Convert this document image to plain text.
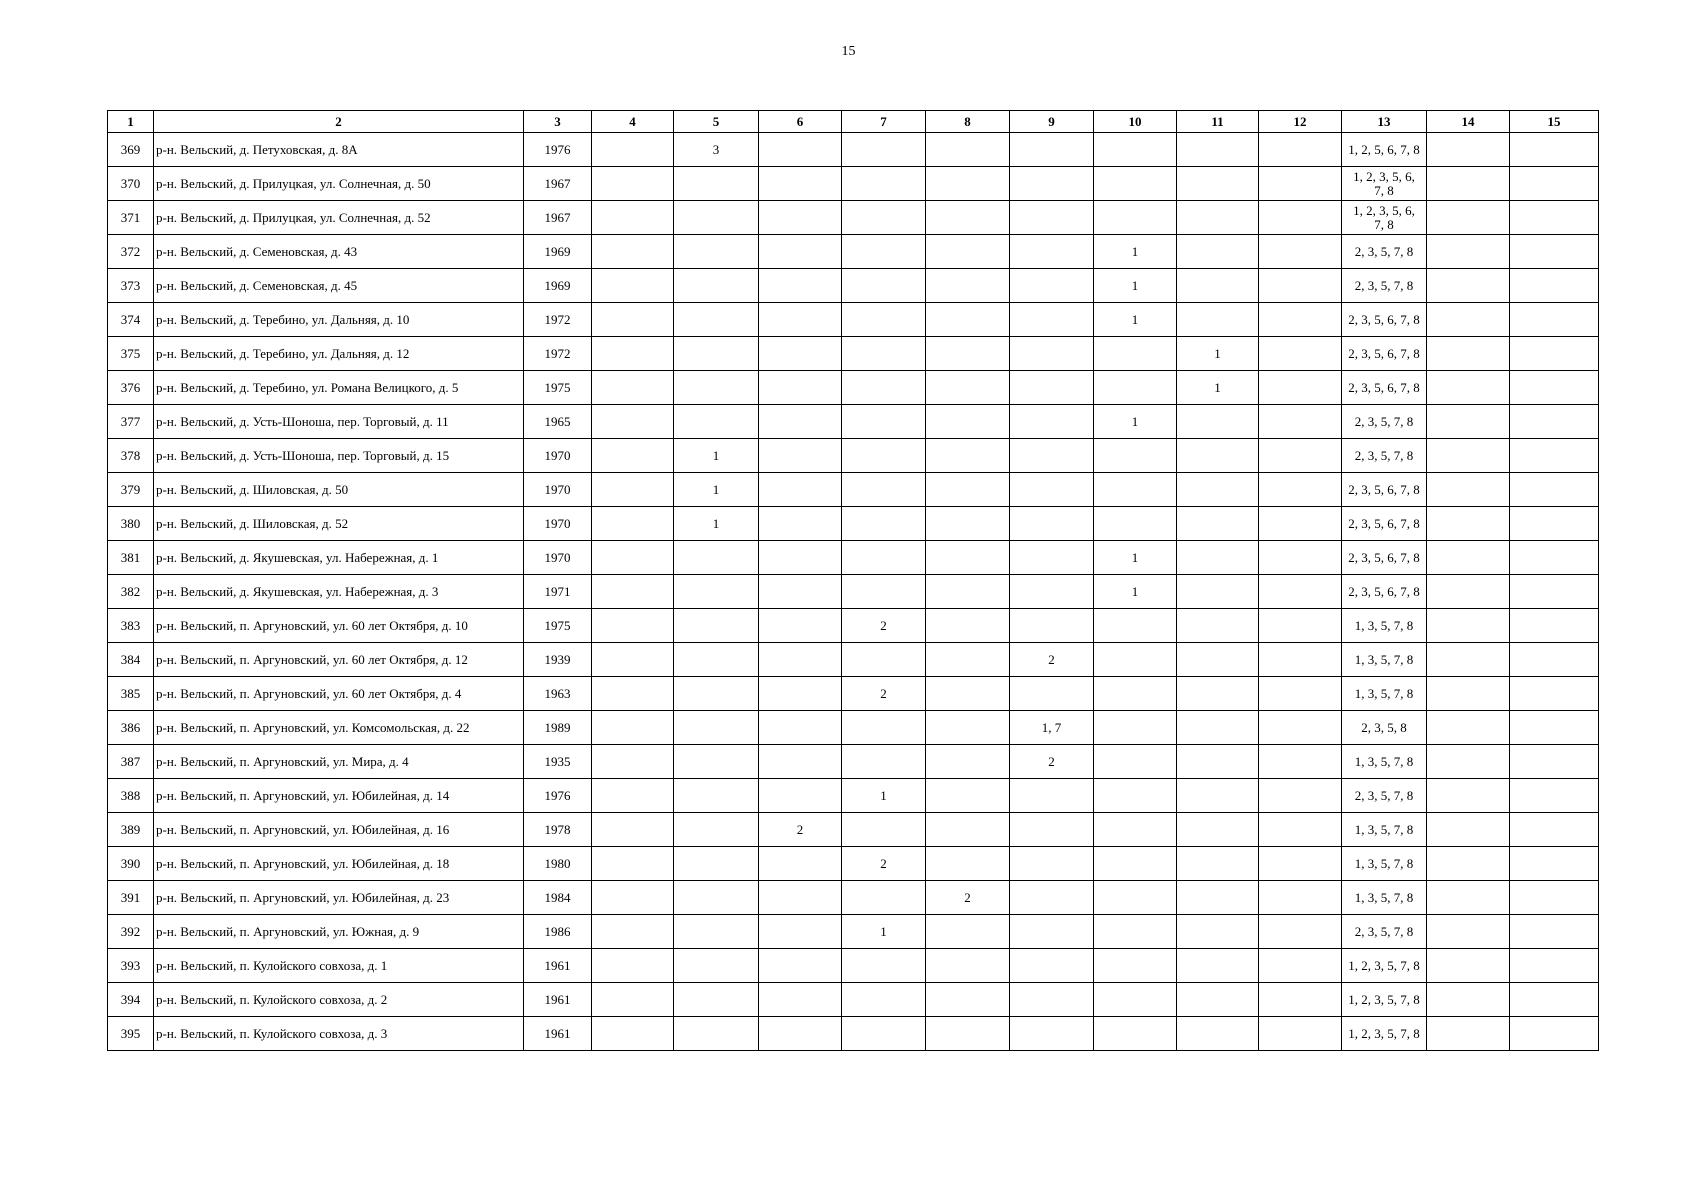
15
1	2	3	4	5	6	7	8	9	10	11	12	13	14	15
369	р-н. Вельский, д. Петуховская, д. 8А	1976		3								1, 2, 5, 6, 7, 8		
370	р-н. Вельский, д. Прилуцкая, ул. Солнечная, д. 50	1967										1, 2, 3, 5, 6, 7, 8		
371	р-н. Вельский, д. Прилуцкая, ул. Солнечная, д. 52	1967										1, 2, 3, 5, 6, 7, 8		
372	р-н. Вельский, д. Семеновская, д. 43	1969							1			2, 3, 5, 7, 8		
373	р-н. Вельский, д. Семеновская, д. 45	1969							1			2, 3, 5, 7, 8		
374	р-н. Вельский, д. Теребино, ул. Дальняя, д. 10	1972							1			2, 3, 5, 6, 7, 8		
375	р-н. Вельский, д. Теребино, ул. Дальняя, д. 12	1972								1		2, 3, 5, 6, 7, 8		
376	р-н. Вельский, д. Теребино, ул. Романа Велицкого, д. 5	1975								1		2, 3, 5, 6, 7, 8		
377	р-н. Вельский, д. Усть-Шоноша, пер. Торговый, д. 11	1965							1			2, 3, 5, 7, 8		
378	р-н. Вельский, д. Усть-Шоноша, пер. Торговый, д. 15	1970		1								2, 3, 5, 7, 8		
379	р-н. Вельский, д. Шиловская, д. 50	1970		1								2, 3, 5, 6, 7, 8		
380	р-н. Вельский, д. Шиловская, д. 52	1970		1								2, 3, 5, 6, 7, 8		
381	р-н. Вельский, д. Якушевская, ул. Набережная, д. 1	1970							1			2, 3, 5, 6, 7, 8		
382	р-н. Вельский, д. Якушевская, ул. Набережная, д. 3	1971							1			2, 3, 5, 6, 7, 8		
383	р-н. Вельский, п. Аргуновский, ул. 60 лет Октября, д. 10	1975				2						1, 3, 5, 7, 8		
384	р-н. Вельский, п. Аргуновский, ул. 60 лет Октября, д. 12	1939						2				1, 3, 5, 7, 8		
385	р-н. Вельский, п. Аргуновский, ул. 60 лет Октября, д. 4	1963				2						1, 3, 5, 7, 8		
386	р-н. Вельский, п. Аргуновский, ул. Комсомольская, д. 22	1989						1, 7				2, 3, 5, 8		
387	р-н. Вельский, п. Аргуновский, ул. Мира, д. 4	1935						2				1, 3, 5, 7, 8		
388	р-н. Вельский, п. Аргуновский, ул. Юбилейная, д. 14	1976				1						2, 3, 5, 7, 8		
389	р-н. Вельский, п. Аргуновский, ул. Юбилейная, д. 16	1978			2							1, 3, 5, 7, 8		
390	р-н. Вельский, п. Аргуновский, ул. Юбилейная, д. 18	1980				2						1, 3, 5, 7, 8		
391	р-н. Вельский, п. Аргуновский, ул. Юбилейная, д. 23	1984					2					1, 3, 5, 7, 8		
392	р-н. Вельский, п. Аргуновский, ул. Южная, д. 9	1986				1						2, 3, 5, 7, 8		
393	р-н. Вельский, п. Кулойского совхоза, д. 1	1961										1, 2, 3, 5, 7, 8		
394	р-н. Вельский, п. Кулойского совхоза, д. 2	1961										1, 2, 3, 5, 7, 8		
395	р-н. Вельский, п. Кулойского совхоза, д. 3	1961										1, 2, 3, 5, 7, 8		
